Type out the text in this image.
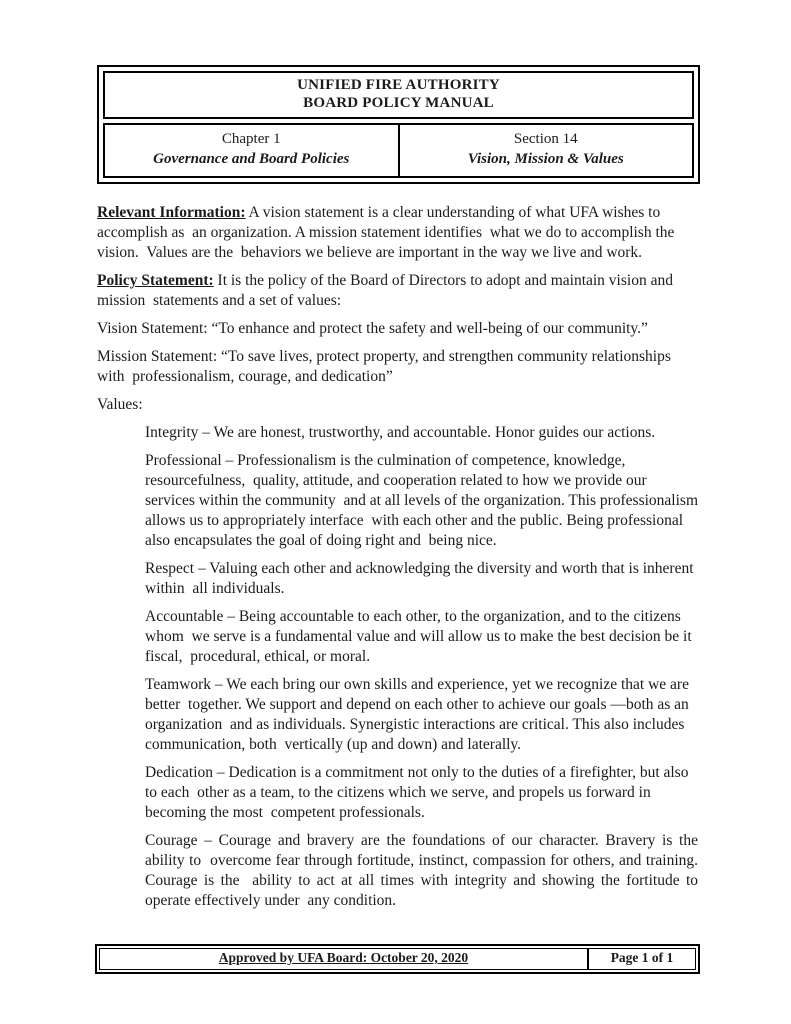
UNIFIED FIRE AUTHORITY
BOARD POLICY MANUAL
Chapter 1
Governance and Board Policies
Section 14
Vision, Mission & Values

Relevant Information: A vision statement is a clear understanding of what UFA wishes to accomplish as  an organization. A mission statement identifies  what we do to accomplish the vision.  Values are the  behaviors we believe are important in the way we live and work.

Policy Statement: It is the policy of the Board of Directors to adopt and maintain vision and mission  statements and a set of values:

Vision Statement: “To enhance and protect the safety and well-being of our community.”

Mission Statement: “To save lives, protect property, and strengthen community relationships with  professionalism, courage, and dedication”

Values:

Integrity – We are honest, trustworthy, and accountable. Honor guides our actions.

Professional – Professionalism is the culmination of competence, knowledge, resourcefulness,  quality, attitude, and cooperation related to how we provide our services within the community  and at all levels of the organization. This professionalism allows us to appropriately interface  with each other and the public. Being professional also encapsulates the goal of doing right and  being nice.

Respect – Valuing each other and acknowledging the diversity and worth that is inherent within  all individuals.

Accountable – Being accountable to each other, to the organization, and to the citizens whom  we serve is a fundamental value and will allow us to make the best decision be it fiscal,  procedural, ethical, or moral.

Teamwork – We each bring our own skills and experience, yet we recognize that we are better  together. We support and depend on each other to achieve our goals —both as an organization  and as individuals. Synergistic interactions are critical. This also includes communication, both  vertically (up and down) and laterally.

Dedication – Dedication is a commitment not only to the duties of a firefighter, but also to each  other as a team, to the citizens which we serve, and propels us forward in becoming the most  competent professionals.

Courage – Courage and bravery are the foundations of our character. Bravery is the ability to  overcome fear through fortitude, instinct, compassion for others, and training. Courage is the  ability to act at all times with integrity and showing the fortitude to operate effectively under  any condition.

Approved by UFA Board: October 20, 2020	Page 1 of 1
